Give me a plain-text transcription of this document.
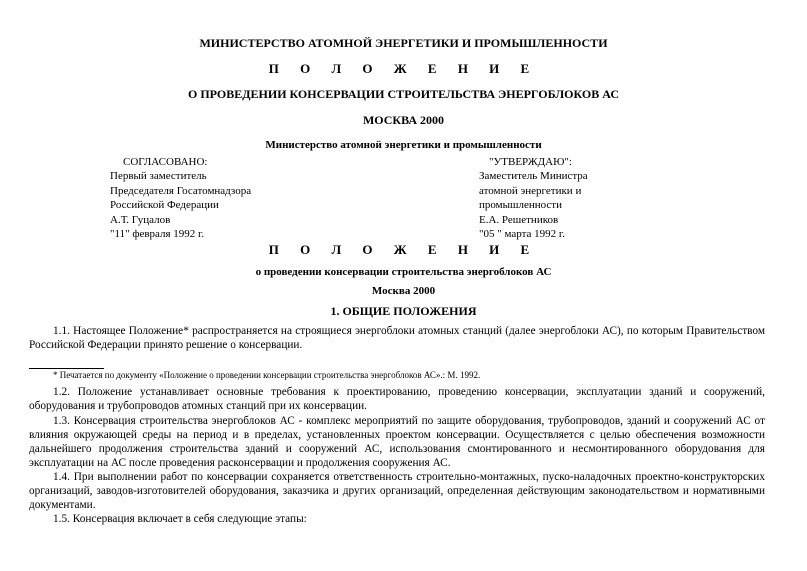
МИНИСТЕРСТВО АТОМНОЙ ЭНЕРГЕТИКИ И ПРОМЫШЛЕННОСТИ
П О Л О Ж Е Н И Е
О ПРОВЕДЕНИИ КОНСЕРВАЦИИ СТРОИТЕЛЬСТВА ЭНЕРГОБЛОКОВ АС
МОСКВА 2000
Министерство атомной энергетики и промышленности
СОГЛАСОВАНО:
Первый заместитель
Председателя Госатомнадзора
Российской Федерации
А.Т. Гуцалов
"11" февраля 1992 г.
"УТВЕРЖДАЮ":
Заместитель Министра
атомной энергетики и
промышленности
Е.А. Решетников
"05 " марта 1992 г.
П О Л О Ж Е Н И Е
о проведении консервации строительства энергоблоков АС
Москва 2000
1. ОБЩИЕ ПОЛОЖЕНИЯ
1.1. Настоящее Положение* распространяется на строящиеся энергоблоки атомных станций (далее энергоблоки АС), по которым Правительством Российской Федерации принято решение о консервации.
* Печатается по документу «Положение о проведении консервации строительства энергоблоков АС».: М. 1992.
1.2. Положение устанавливает основные требования к проектированию, проведению консервации, эксплуатации зданий и сооружений, оборудования и трубопроводов атомных станций при их консервации.
1.3. Консервация строительства энергоблоков АС - комплекс мероприятий по защите оборудования, трубопроводов, зданий и сооружений АС от влияния окружающей среды на период и в пределах, установленных проектом консервации. Осуществляется с целью обеспечения возможности дальнейшего продолжения строительства зданий и сооружений АС, использования смонтированного и несмонтированного оборудования для эксплуатации на АС после проведения расконсервации и продолжения сооружения АС.
1.4. При выполнении работ по консервации сохраняется ответственность строительно-монтажных, пуско-наладочных проектно-конструкторских организаций, заводов-изготовителей оборудования, заказчика и других организаций, определенная действующим законодательством и нормативными документами.
1.5. Консервация включает в себя следующие этапы:
